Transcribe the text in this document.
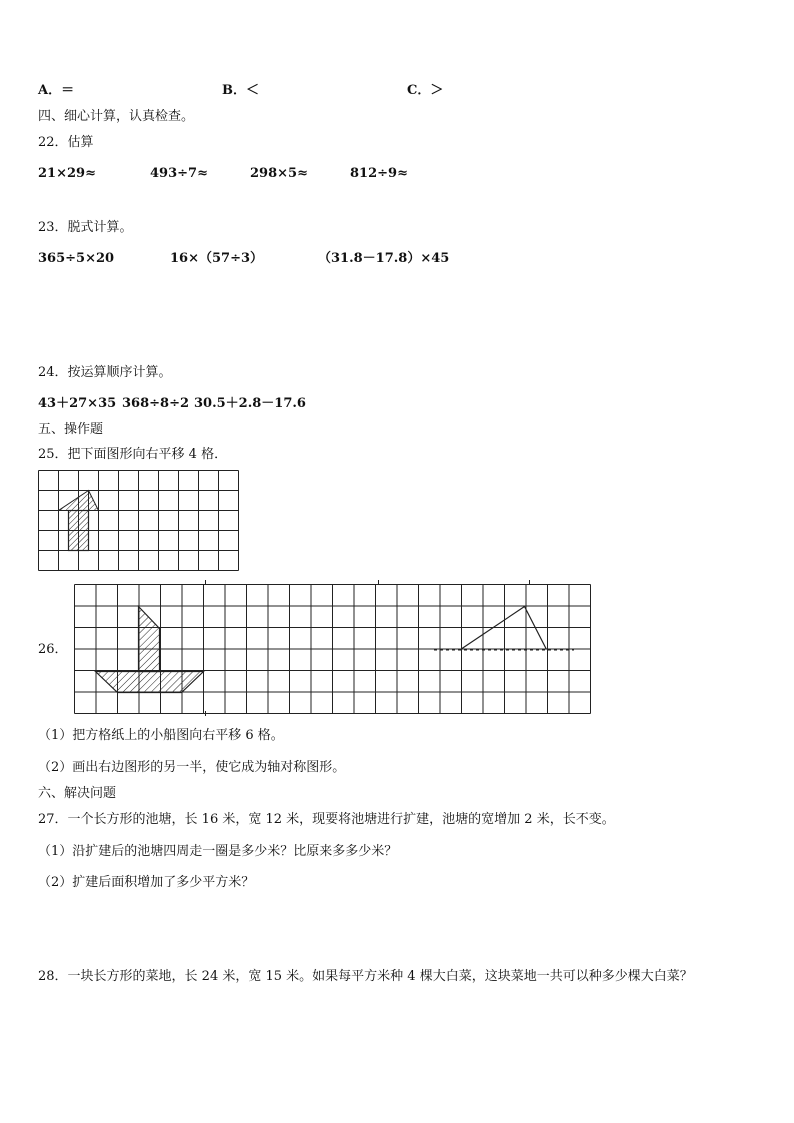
A．＝	B．＜	C．＞
四、细心计算，认真检查。
22．估算
21×29≈	493÷7≈	298×5≈	812÷9≈
23．脱式计算。
365÷5×20	16×（57÷3）	（31.8－17.8）×45
24．按运算顺序计算。
43＋27×35 368÷8÷2 30.5＋2.8－17.6
五、操作题
25．把下面图形向右平移 4 格．
26．
（1）把方格纸上的小船图向右平移 6 格。
（2）画出右边图形的另一半，使它成为轴对称图形。
六、解决问题
27．一个长方形的池塘，长 16 米，宽 12 米，现要将池塘进行扩建，池塘的宽增加 2 米，长不变。
（1）沿扩建后的池塘四周走一圈是多少米？比原来多多少米？
（2）扩建后面积增加了多少平方米？
28．一块长方形的菜地，长 24 米，宽 15 米。如果每平方米种 4 棵大白菜，这块菜地一共可以种多少棵大白菜？
